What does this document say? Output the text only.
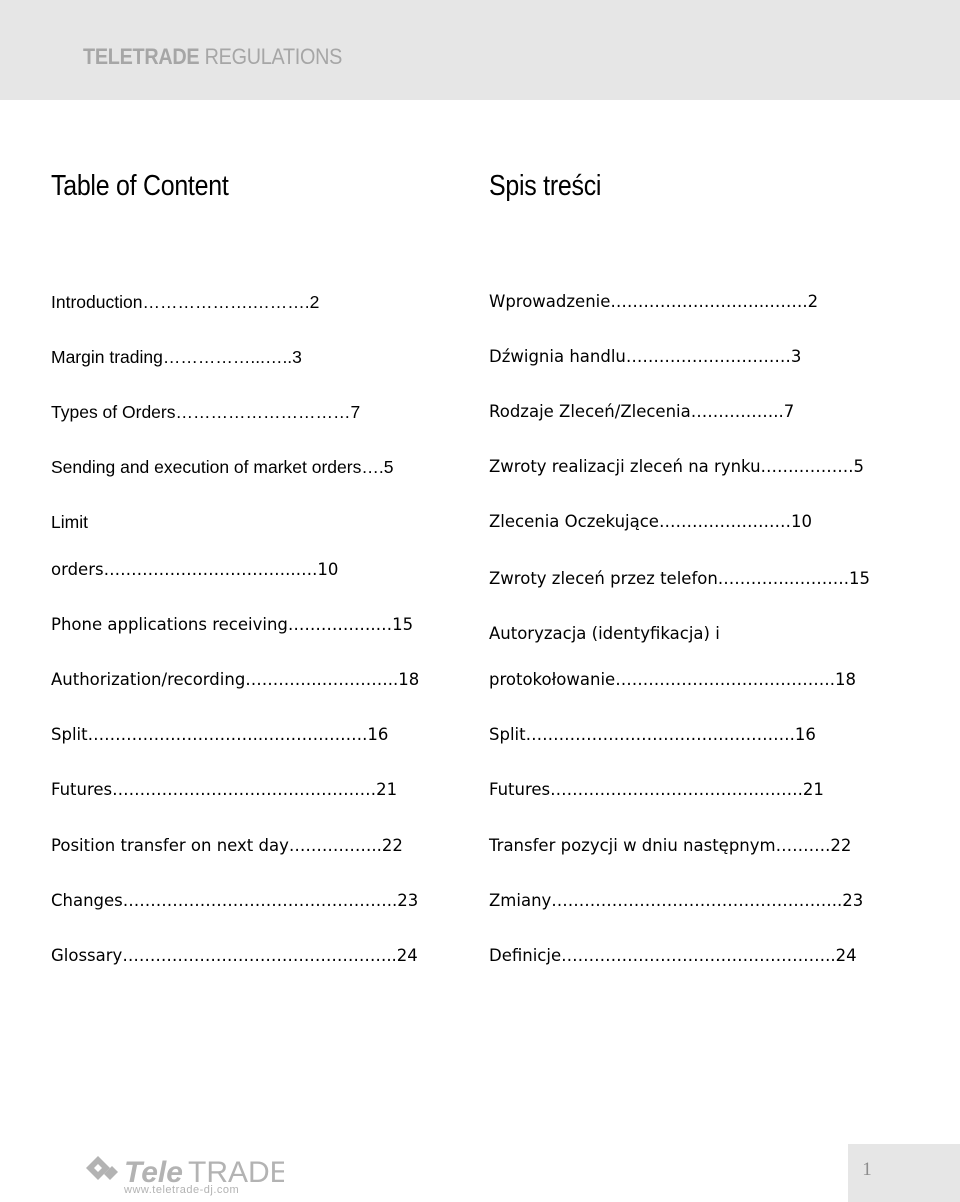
TELETRADE REGULATIONS
Table of Content
Introduction……………….……….2
Margin trading……………...…..3
Types of Orders…………………………7
Sending and execution of market orders….5
Limit
orders……………………………..….10
Phone applications receiving…………….…15
Authorization/recording…………..…………..18
Split…………………………..……………….16
Futures…………………………………………21
Position transfer on next day……………..22
Changes…………………………………………..23
Glossary…………………………………………..24
Spis treści
Wprowadzenie………………………..…….2
Dźwignia handlu…………………………3
Rodzaje Zleceń/Zlecenia……………..7
Zwroty realizacji zleceń na rynku…….……….5
Zlecenia Oczekujące……………………10
Zwroty zleceń przez telefon…………..……….15
Autoryzacja (identyfikacja) i
protokołowanie………………………………….18
Split………………………………………….16
Futures……………………………………….21
Transfer pozycji w dniu następnym……….22
Zmiany……………………………………………..23
Definicje…………………………………………..24
Tele TRADE
www.teletrade-dj.com
1
